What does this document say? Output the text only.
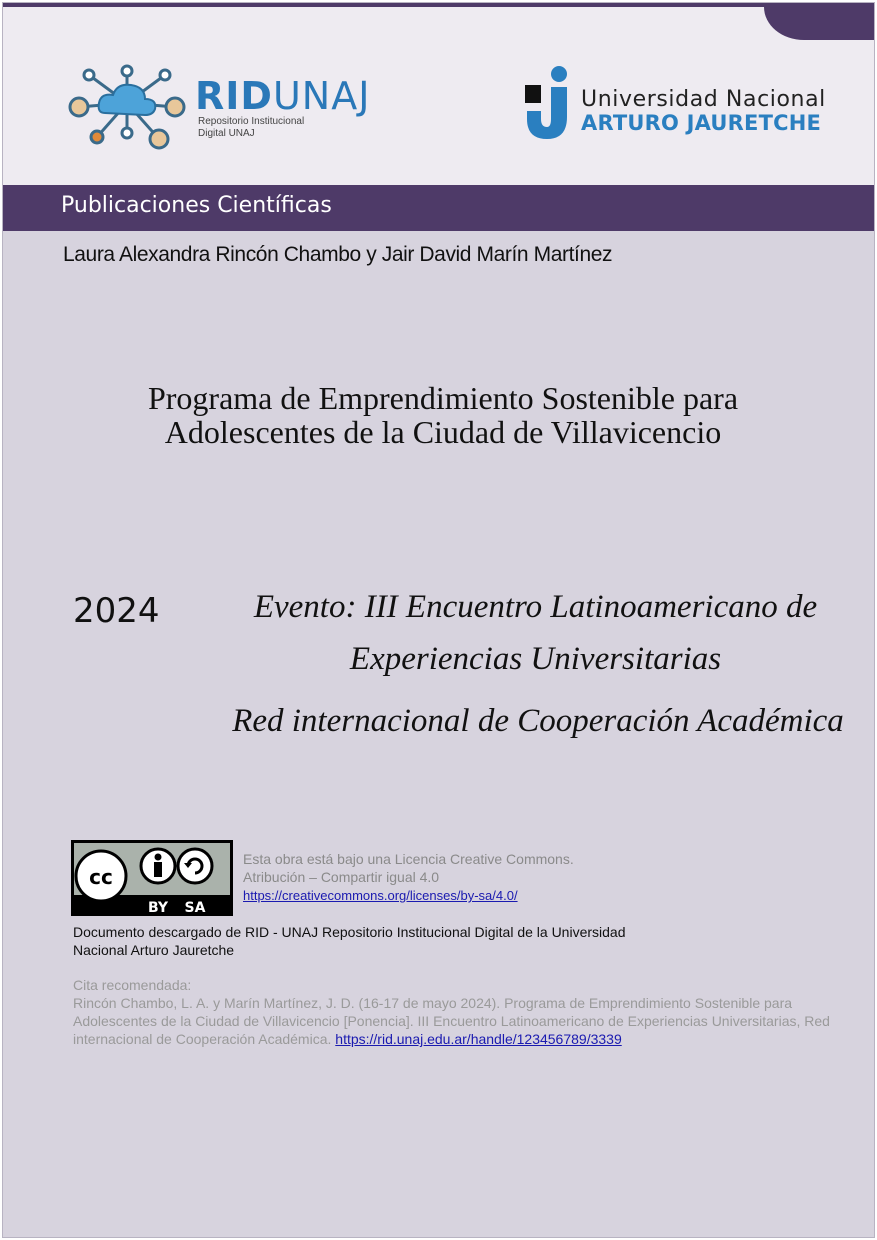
RIDUNAJ
Repositorio Institucional
Digital UNAJ
Universidad Nacional
ARTURO JAURETCHE
Publicaciones Científicas
Laura Alexandra Rincón Chambo y Jair David Marín Martínez
Programa de Emprendimiento Sostenible para
Adolescentes de la Ciudad de Villavicencio
2024	Evento: III Encuentro Latinoamericano de
Experiencias Universitarias
Red internacional de Cooperación Académica
cc
BY SA
Esta obra está bajo una Licencia Creative Commons.
Atribución – Compartir igual 4.0
https://creativecommons.org/licenses/by-sa/4.0/
Documento descargado de RID - UNAJ Repositorio Institucional Digital de la Universidad
Nacional Arturo Jauretche
Cita recomendada:
Rincón Chambo, L. A. y Marín Martínez, J. D. (16-17 de mayo 2024). Programa de Emprendimiento Sostenible para Adolescentes de la Ciudad de Villavicencio [Ponencia]. III Encuentro Latinoamericano de Experiencias Universitarias, Red internacional de Cooperación Académica. https://rid.unaj.edu.ar/handle/123456789/3339
